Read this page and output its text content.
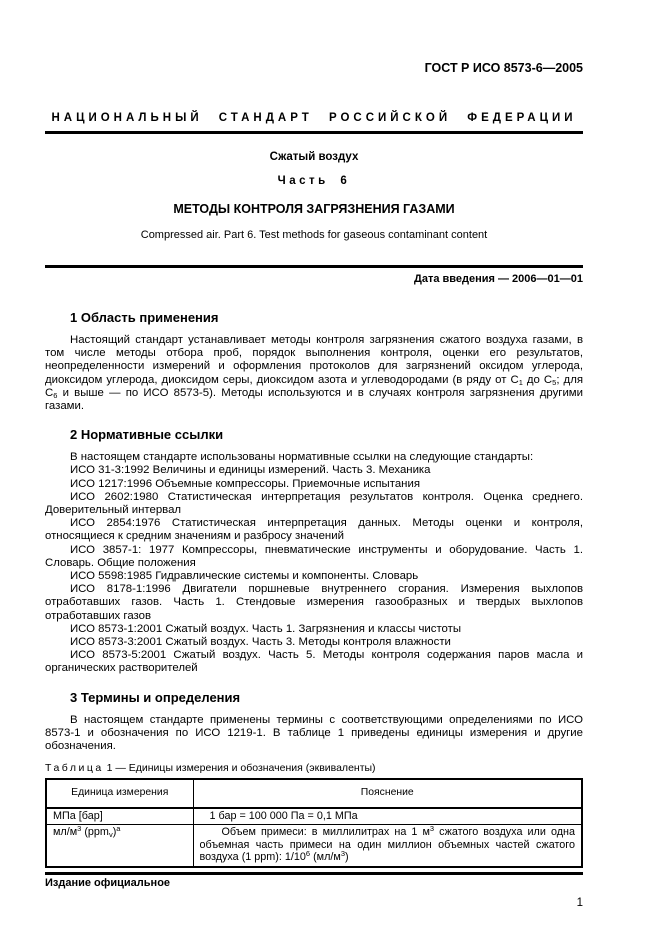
ГОСТ Р ИСО 8573-6—2005
НАЦИОНАЛЬНЫЙ СТАНДАРТ РОССИЙСКОЙ ФЕДЕРАЦИИ
Сжатый воздух
Часть 6
МЕТОДЫ КОНТРОЛЯ ЗАГРЯЗНЕНИЯ ГАЗАМИ
Compressed air. Part 6. Test methods for gaseous contaminant content
Дата введения — 2006—01—01
1 Область применения

Настоящий стандарт устанавливает методы контроля загрязнения сжатого воздуха газами, в том числе методы отбора проб, порядок выполнения контроля, оценки его результатов, неопределенности измерений и оформления протоколов для загрязнений оксидом углерода, диоксидом углерода, диоксидом серы, диоксидом азота и углеводородами (в ряду от $С_1$ до $С_5$; для $С_6$ и выше — по ИСО 8573-5). Методы используются и в случаях контроля загрязнения другими газами.

2 Нормативные ссылки

В настоящем стандарте использованы нормативные ссылки на следующие стандарты:

ИСО 31-3:1992 Величины и единицы измерений. Часть 3. Механика

ИСО 1217:1996 Объемные компрессоры. Приемочные испытания

ИСО 2602:1980 Статистическая интерпретация результатов контроля. Оценка среднего. Доверительный интервал

ИСО 2854:1976 Статистическая интерпретация данных. Методы оценки и контроля, относящиеся к средним значениям и разбросу значений

ИСО 3857-1: 1977 Компрессоры, пневматические инструменты и оборудование. Часть 1. Словарь. Общие положения

ИСО 5598:1985 Гидравлические системы и компоненты. Словарь

ИСО 8178-1:1996 Двигатели поршневые внутреннего сгорания. Измерения выхлопов отработавших газов. Часть 1. Стендовые измерения газообразных и твердых выхлопов отработавших газов

ИСО 8573-1:2001 Сжатый воздух. Часть 1. Загрязнения и классы чистоты

ИСО 8573-3:2001 Сжатый воздух. Часть 3. Методы контроля влажности

ИСО 8573-5:2001 Сжатый воздух. Часть 5. Методы контроля содержания паров масла и органических растворителей

3 Термины и определения

В настоящем стандарте применены термины с соответствующими определениями по ИСО 8573-1 и обозначения по ИСО 1219-1. В таблице 1 приведены единицы измерения и другие обозначения.

Таблица 1 — Единицы измерения и обозначения (эквиваленты)
Единица измерения	Пояснение
МПа [бар]	1 бар = 100 000 Па = 0,1 МПа

$мл/м^3$ $(ppm_v)^а$	Объем примеси: в миллилитрах на 1 $м^3$ сжатого воздуха или одна объемная часть примеси на один миллион объемных частей сжатого воздуха (1 ppm): $1/10^6$ $(мл/м^3)$
Издание официальное
1
